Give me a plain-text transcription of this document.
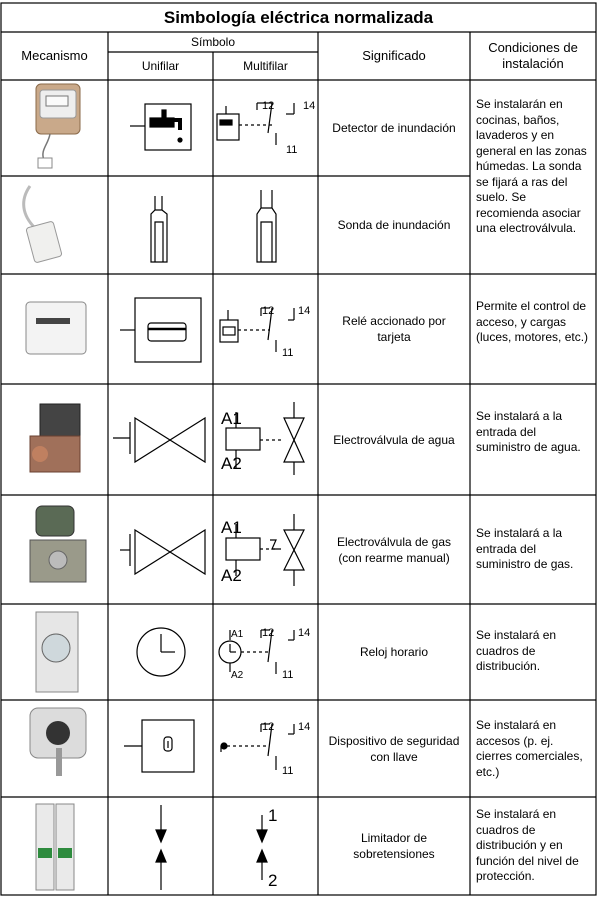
Simbología eléctrica normalizada
Mecanismo
Símbolo
Unifilar	Multifilar
Significado
Condiciones de instalación
Detector de inundación
Sonda de inundación
Relé accionado por tarjeta
Electroválvula de agua
Electroválvula de gas (con rearme manual)
Reloj horario
Dispositivo de seguridad con llave
Limitador de sobretensiones
Se instalarán en cocinas, baños, lavaderos y en general en las zonas húmedas. La sonda se fijará a ras del suelo. Se recomienda asociar una electroválvula.
Permite el control de acceso, y cargas (luces, motores, etc.)
Se instalará a la entrada del suministro de agua.
Se instalará a la entrada del suministro de gas.
Se instalará en cuadros de distribución.
Se instalará en accesos (p. ej. cierres comerciales, etc.)
Se instalará en cuadros de distribución y en función del nivel de protección.
12	14
11
12 14
11
A1
A2
A1
A2
A1
A2
12 14
11
12 14
11
1
2
